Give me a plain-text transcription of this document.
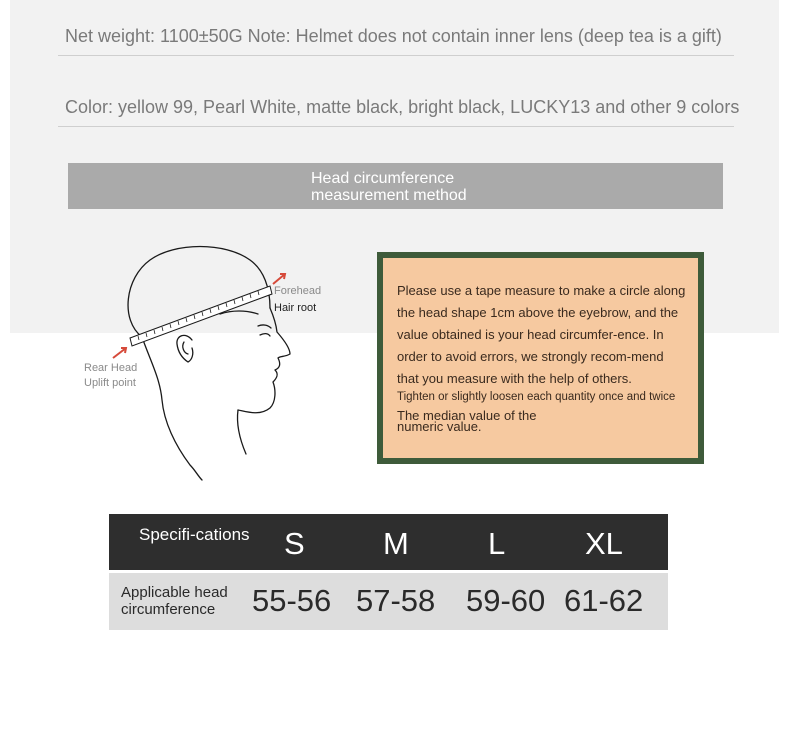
Net weight: 1100±50G Note: Helmet does not contain inner lens (deep tea is a gift)
Color: yellow 99, Pearl White, matte black, bright black, LUCKY13 and other 9 colors
Head circumference
measurement method
Forehead
Hair root
Rear Head
Uplift point
Please use a tape measure to make a circle along the head shape 1cm above the eyebrow, and the value obtained is your head circumfer-ence. In order to avoid errors, we strongly recom-mend that you measure with the help of others.
Tighten or slightly loosen each quantity once and twice
The median value of the numeric value.
Specifi-cations S	M	L	XL
Applicable head circumference	55-56 57-58 59-60 61-62
